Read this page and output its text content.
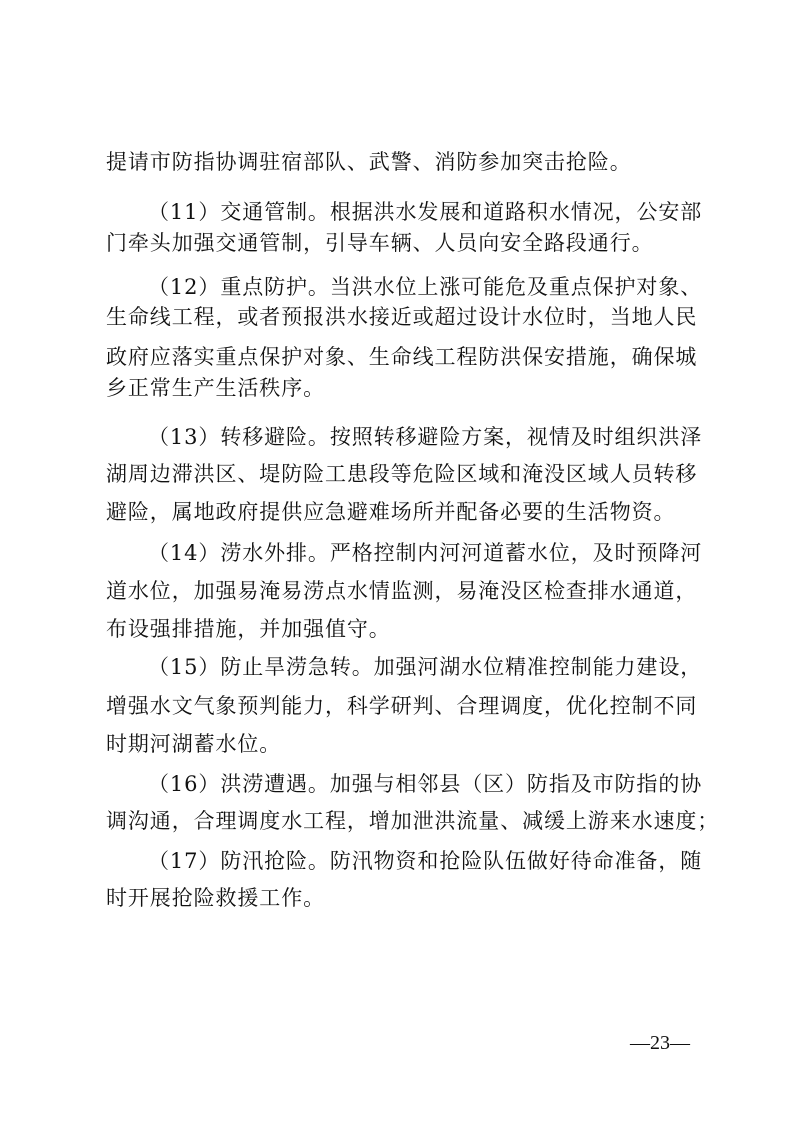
提请市防指协调驻宿部队、武警、消防参加突击抢险。
（11）交通管制。根据洪水发展和道路积水情况，公安部
门牵头加强交通管制，引导车辆、人员向安全路段通行。
（12）重点防护。当洪水位上涨可能危及重点保护对象、
生命线工程，或者预报洪水接近或超过设计水位时，当地人民
政府应落实重点保护对象、生命线工程防洪保安措施，确保城
乡正常生产生活秩序。
（13）转移避险。按照转移避险方案，视情及时组织洪泽
湖周边滞洪区、堤防险工患段等危险区域和淹没区域人员转移
避险，属地政府提供应急避难场所并配备必要的生活物资。
（14）涝水外排。严格控制内河河道蓄水位，及时预降河
道水位，加强易淹易涝点水情监测，易淹没区检查排水通道，
布设强排措施，并加强值守。
（15）防止旱涝急转。加强河湖水位精准控制能力建设，
增强水文气象预判能力，科学研判、合理调度，优化控制不同
时期河湖蓄水位。
（16）洪涝遭遇。加强与相邻县（区）防指及市防指的协
调沟通，合理调度水工程，增加泄洪流量、减缓上游来水速度；
（17）防汛抢险。防汛物资和抢险队伍做好待命准备，随
时开展抢险救援工作。
—23—
